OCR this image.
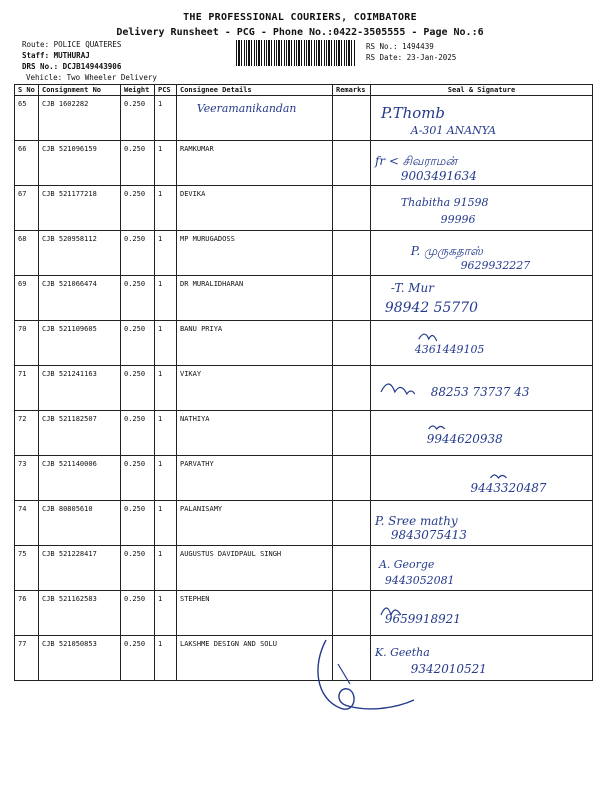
THE PROFESSIONAL COURIERS, COIMBATORE
Delivery Runsheet - PCG - Phone No.:0422-3505555 - Page No.:6
Route: POLICE QUATERES
Staff: MUTHURAJ
DRS No.: DCJB149443906
Vehicle: Two Wheeler Delivery
RS No.: 1494439
RS Date: 23-Jan-2025
S No	Consignment No	Weight	PCS	Consignee Details	Remarks	Seal & Signature
65	CJB 1602282	0.250	1	Veeramanikandan		P.Thomb
A-301 ANANYA

66	CJB 521096159	0.250	1	RAMKUMAR		fr < சிவராமன்
9003491634

67	CJB 521177218	0.250	1	DEVIKA		Thabitha 91598
99996

68	CJB 520958112	0.250	1	MP MURUGADOSS		P. முருகதாஸ்
9629932227

69	CJB 521066474	0.250	1	DR MURALIDHARAN		-T. Mur
98942 55770

70	CJB 521109605	0.250	1	BANU PRIYA		4361449105

71	CJB 521241163	0.250	1	VIKAY		88253 73737 43

72	CJB 521182507	0.250	1	NATHIYA		9944620938

73	CJB 521140006	0.250	1	PARVATHY		9443320487

74	CJB 80805610	0.250	1	PALANISAMY		P. Sree mathy
9843075413

75	CJB 521228417	0.250	1	AUGUSTUS DAVIDPAUL SINGH		A. George
9443052081

76	CJB 521162583	0.250	1	STEPHEN		9659918921

77	CJB 521050853	0.250	1	LAKSHME DESIGN AND SOLU		K. Geetha
9342010521
